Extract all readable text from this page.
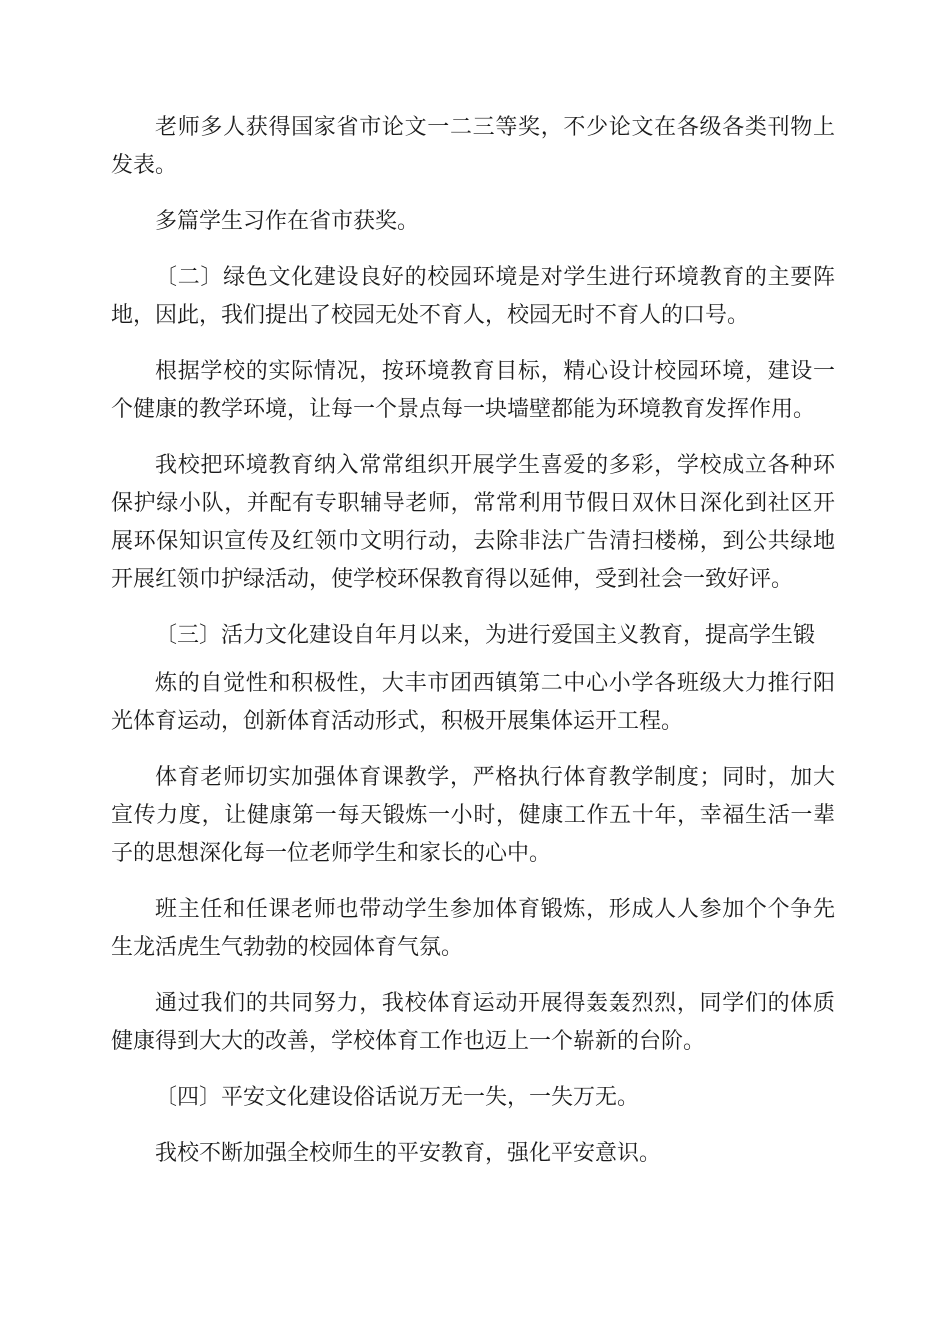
老师多人获得国家省市论文一二三等奖，不少论文在各级各类刊物上发表。

多篇学生习作在省市获奖。

〔二〕绿色文化建设良好的校园环境是对学生进行环境教育的主要阵地，因此，我们提出了校园无处不育人，校园无时不育人的口号。

根据学校的实际情况，按环境教育目标，精心设计校园环境，建设一个健康的教学环境，让每一个景点每一块墙壁都能为环境教育发挥作用。

我校把环境教育纳入常常组织开展学生喜爱的多彩，学校成立各种环保护绿小队，并配有专职辅导老师，常常利用节假日双休日深化到社区开展环保知识宣传及红领巾文明行动，去除非法广告清扫楼梯，到公共绿地开展红领巾护绿活动，使学校环保教育得以延伸，受到社会一致好评。

〔三〕活力文化建设自年月以来，为进行爱国主义教育，提高学生锻

炼的自觉性和积极性，大丰市团西镇第二中心小学各班级大力推行阳光体育运动，创新体育活动形式，积极开展集体运开工程。

体育老师切实加强体育课教学，严格执行体育教学制度；同时，加大宣传力度，让健康第一每天锻炼一小时，健康工作五十年，幸福生活一辈子的思想深化每一位老师学生和家长的心中。

班主任和任课老师也带动学生参加体育锻炼，形成人人参加个个争先生龙活虎生气勃勃的校园体育气氛。

通过我们的共同努力，我校体育运动开展得轰轰烈烈，同学们的体质健康得到大大的改善，学校体育工作也迈上一个崭新的台阶。

〔四〕平安文化建设俗话说万无一失，一失万无。

我校不断加强全校师生的平安教育，强化平安意识。
